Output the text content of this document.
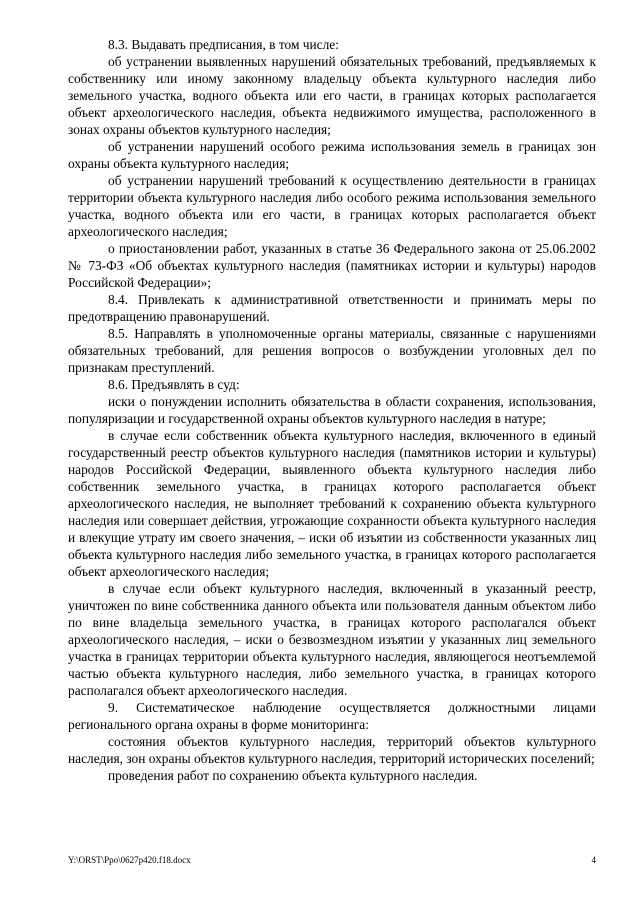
8.3. Выдавать предписания, в том числе:

об устранении выявленных нарушений обязательных требований, предъявляемых к собственнику или иному законному владельцу объекта культурного наследия либо земельного участка, водного объекта или его части, в границах которых располагается объект археологического наследия, объекта недвижимого имущества, расположенного в зонах охраны объектов культурного наследия;

об устранении нарушений особого режима использования земель в границах зон охраны объекта культурного наследия;

об устранении нарушений требований к осуществлению деятельности в границах территории объекта культурного наследия либо особого режима использования земельного участка, водного объекта или его части, в границах которых располагается объект археологического наследия;

о приостановлении работ, указанных в статье 36 Федерального закона от 25.06.2002 № 73-ФЗ «Об объектах культурного наследия (памятниках истории и культуры) народов Российской Федерации»;

8.4. Привлекать к административной ответственности и принимать меры по предотвращению правонарушений.

8.5. Направлять в уполномоченные органы материалы, связанные с нарушениями обязательных требований, для решения вопросов о возбуждении уголовных дел по признакам преступлений.

8.6. Предъявлять в суд:

иски о понуждении исполнить обязательства в области сохранения, использования, популяризации и государственной охраны объектов культурного наследия в натуре;

в случае если собственник объекта культурного наследия, включенного в единый государственный реестр объектов культурного наследия (памятников истории и культуры) народов Российской Федерации, выявленного объекта культурного наследия либо собственник земельного участка, в границах которого располагается объект археологического наследия, не выполняет требований к сохранению объекта культурного наследия или совершает действия, угрожающие сохранности объекта культурного наследия и влекущие утрату им своего значения, – иски об изъятии из собственности указанных лиц объекта культурного наследия либо земельного участка, в границах которого располагается объект археологического наследия;

в случае если объект культурного наследия, включенный в указанный реестр, уничтожен по вине собственника данного объекта или пользователя данным объектом либо по вине владельца земельного участка, в границах которого располагался объект археологического наследия, – иски о безвозмездном изъятии у указанных лиц земельного участка в границах территории объекта культурного наследия, являющегося неотъемлемой частью объекта культурного наследия, либо земельного участка, в границах которого располагался объект археологического наследия.

9. Систематическое наблюдение осуществляется должностными лицами регионального органа охраны в форме мониторинга:

состояния объектов культурного наследия, территорий объектов культурного наследия, зон охраны объектов культурного наследия, территорий исторических поселений;

проведения работ по сохранению объекта культурного наследия.

Y:\ORST\Ppo\0627p420.f18.docx	4
